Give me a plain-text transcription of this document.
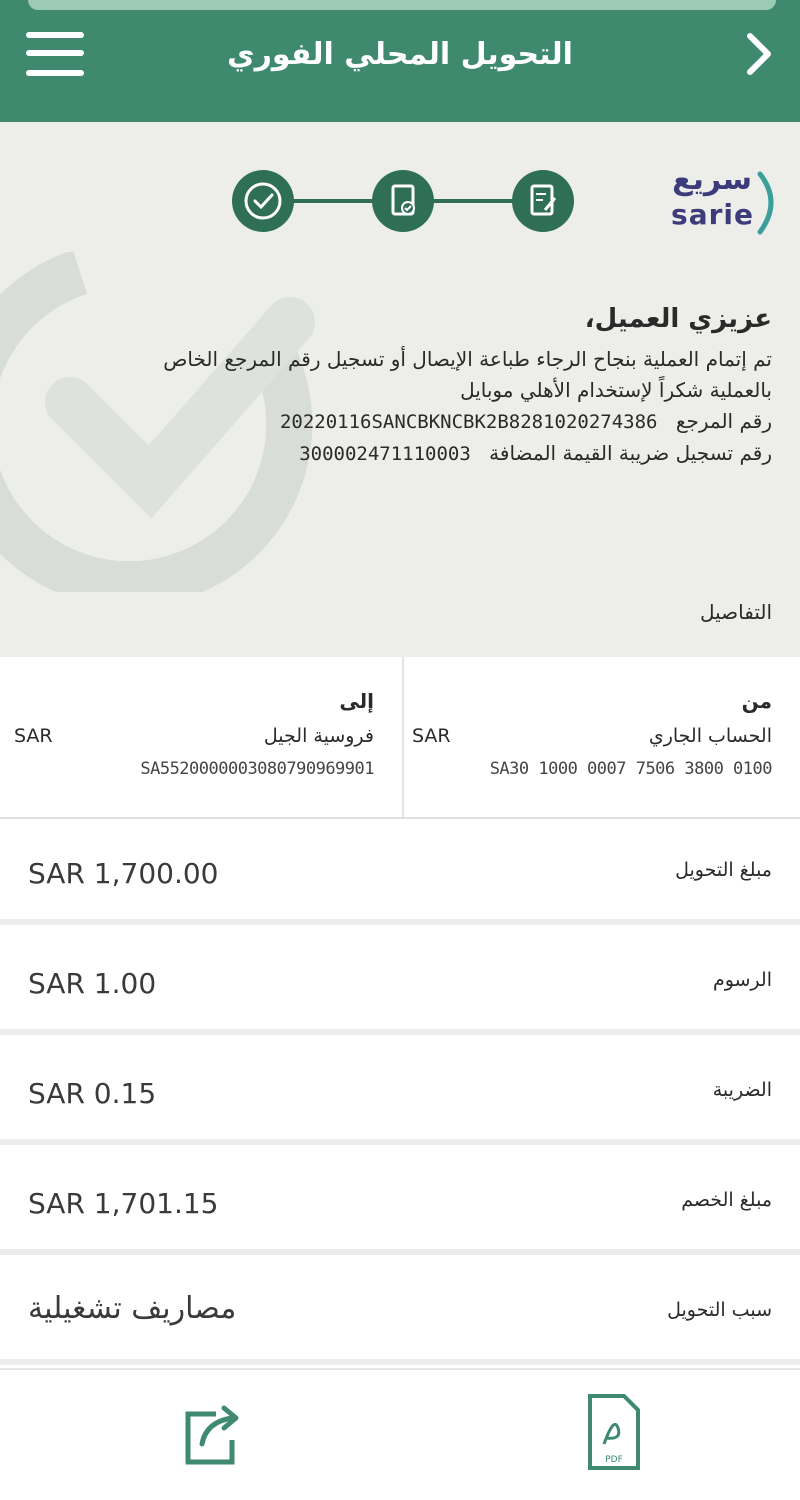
التحويل المحلي الفوري
سريع
sarie
عزيزي العميل،
تم إتمام العملية بنجاح الرجاء طباعة الإيصال أو تسجيل رقم المرجع الخاص
بالعملية شكراً لإستخدام الأهلي موبايل
رقم المرجع 20220116SANCBKNCBK2B8281020274386
رقم تسجيل ضريبة القيمة المضافة 300002471110003
التفاصيل
من
الحساب الجاري
SAR
SA30 1000 0007 7506 3800 0100
إلى
فروسية الجيل
SAR
SA5520000003080790969901
مبلغ التحويل
SAR 1,700.00
الرسوم
SAR 1.00
الضريبة
SAR 0.15
مبلغ الخصم
SAR 1,701.15
سبب التحويل
مصاريف تشغيلية
PDF
